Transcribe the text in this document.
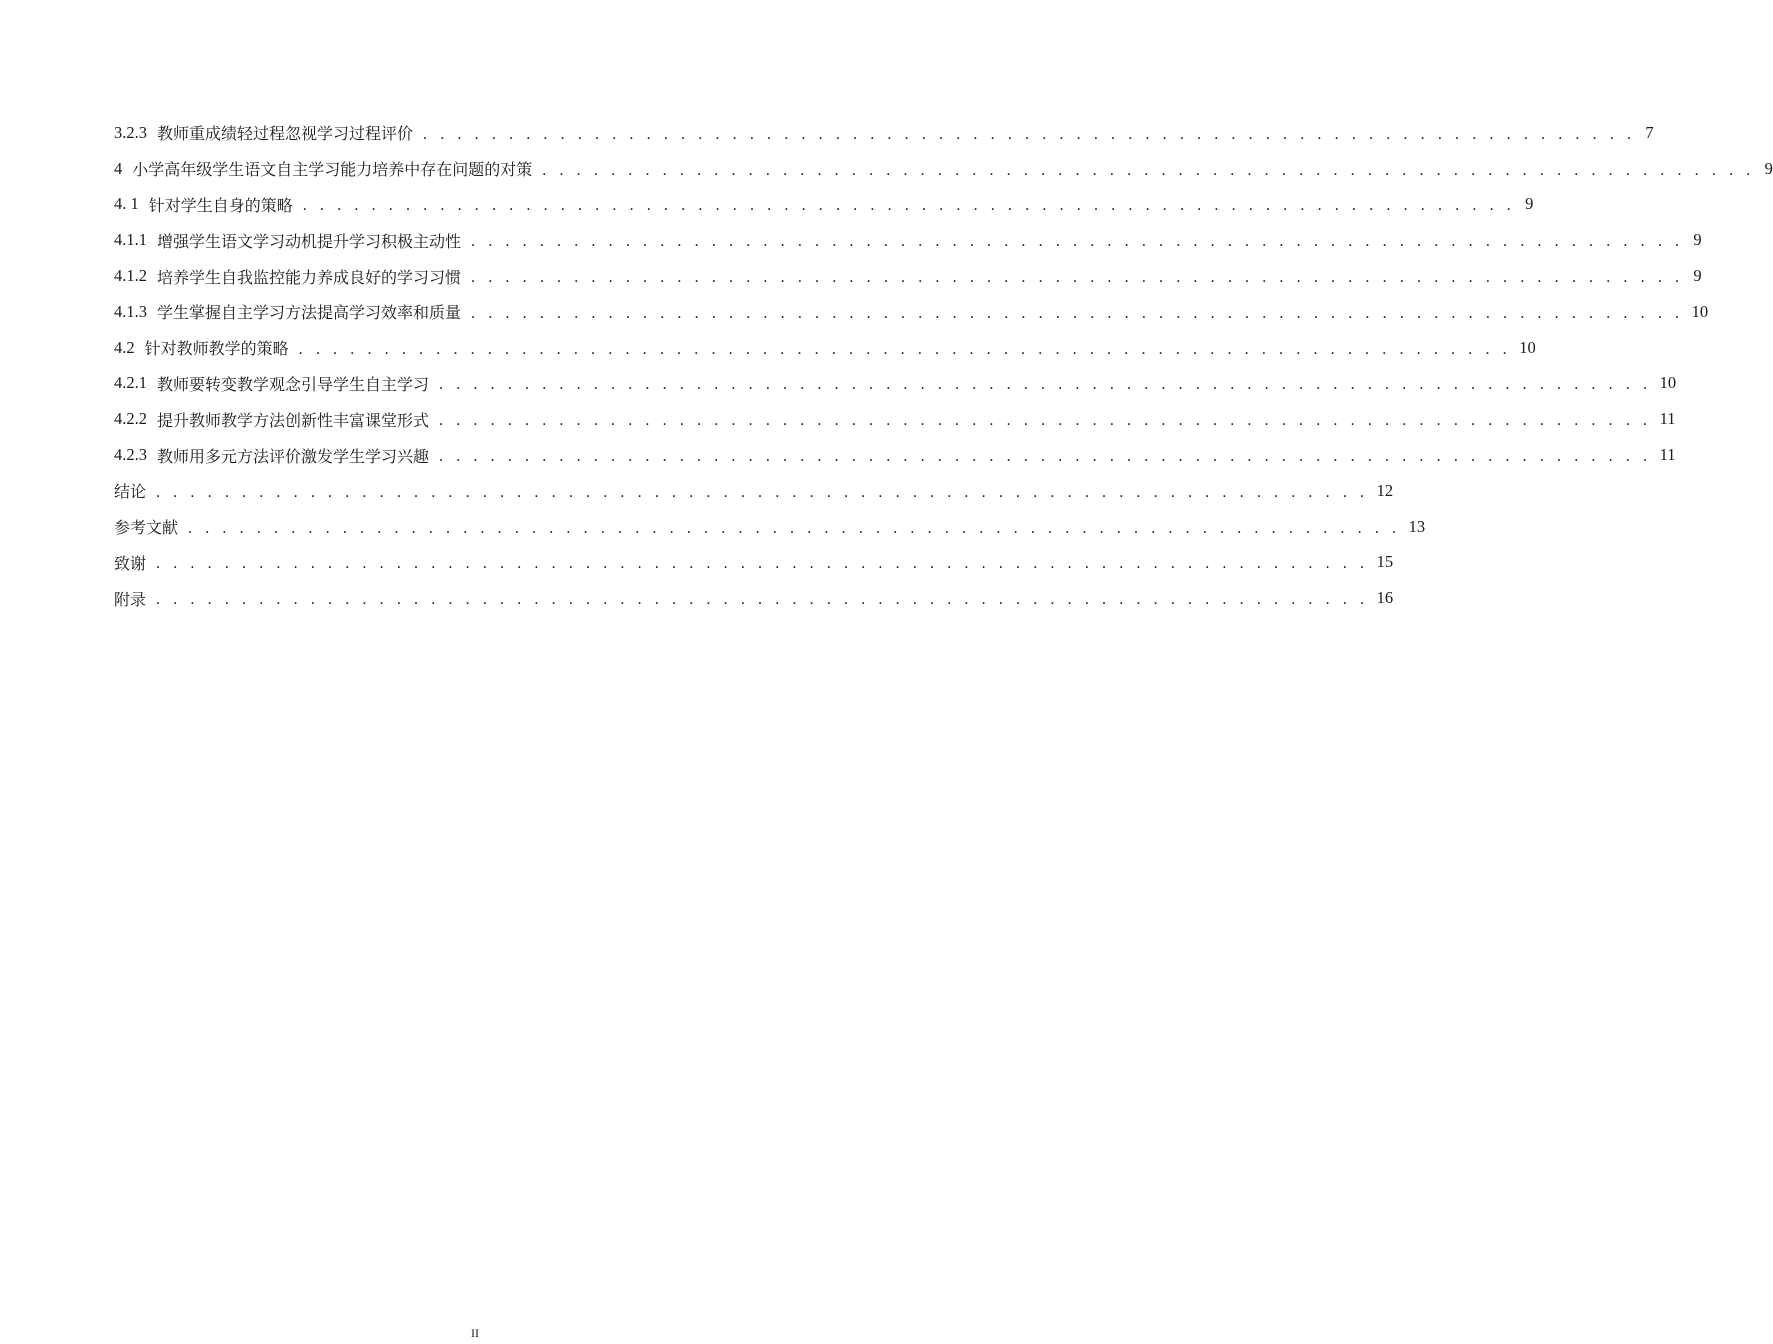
3.2.3 教师重成绩轻过程忽视学习过程评价 . . . . . . . . . . . . . . . . . . . . . . . . . . . . . . . . . . . . . . . . . . . . . . . . . . . . . . . . . . . . . . . . . . . . . . . 7
4 小学高年级学生语文自主学习能力培养中存在问题的对策 . . . . . . . . . . . . . . . . . . . . . . . . . . . . . . . . . . . . . . . . . . . . . . . . . . . . . . . . . . . . . . . . . . . . . . . 9
4. 1 针对学生自身的策略 . . . . . . . . . . . . . . . . . . . . . . . . . . . . . . . . . . . . . . . . . . . . . . . . . . . . . . . . . . . . . . . . . . . . . . . 9
4.1.1 增强学生语文学习动机提升学习积极主动性 . . . . . . . . . . . . . . . . . . . . . . . . . . . . . . . . . . . . . . . . . . . . . . . . . . . . . . . . . . . . . . . . . . . . . . . 9
4.1.2 培养学生自我监控能力养成良好的学习习惯 . . . . . . . . . . . . . . . . . . . . . . . . . . . . . . . . . . . . . . . . . . . . . . . . . . . . . . . . . . . . . . . . . . . . . . . 9
4.1.3 学生掌握自主学习方法提高学习效率和质量 . . . . . . . . . . . . . . . . . . . . . . . . . . . . . . . . . . . . . . . . . . . . . . . . . . . . . . . . . . . . . . . . . . . . . . . 10
4.2 针对教师教学的策略 . . . . . . . . . . . . . . . . . . . . . . . . . . . . . . . . . . . . . . . . . . . . . . . . . . . . . . . . . . . . . . . . . . . . . . . 10
4.2.1 教师要转变教学观念引导学生自主学习 . . . . . . . . . . . . . . . . . . . . . . . . . . . . . . . . . . . . . . . . . . . . . . . . . . . . . . . . . . . . . . . . . . . . . . . 10
4.2.2 提升教师教学方法创新性丰富课堂形式 . . . . . . . . . . . . . . . . . . . . . . . . . . . . . . . . . . . . . . . . . . . . . . . . . . . . . . . . . . . . . . . . . . . . . . . 11
4.2.3 教师用多元方法评价激发学生学习兴趣 . . . . . . . . . . . . . . . . . . . . . . . . . . . . . . . . . . . . . . . . . . . . . . . . . . . . . . . . . . . . . . . . . . . . . . . 11
结论 . . . . . . . . . . . . . . . . . . . . . . . . . . . . . . . . . . . . . . . . . . . . . . . . . . . . . . . . . . . . . . . . . . . . . . . 12
参考文献 . . . . . . . . . . . . . . . . . . . . . . . . . . . . . . . . . . . . . . . . . . . . . . . . . . . . . . . . . . . . . . . . . . . . . . . 13
致谢 . . . . . . . . . . . . . . . . . . . . . . . . . . . . . . . . . . . . . . . . . . . . . . . . . . . . . . . . . . . . . . . . . . . . . . . 15
附录 . . . . . . . . . . . . . . . . . . . . . . . . . . . . . . . . . . . . . . . . . . . . . . . . . . . . . . . . . . . . . . . . . . . . . . . 16
II
